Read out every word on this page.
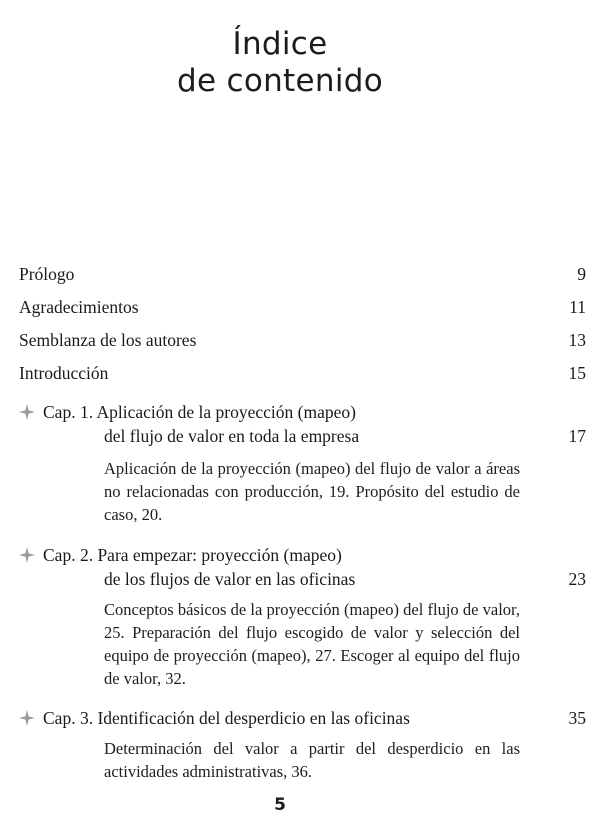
Índice
de contenido
Prólogo	9
Agradecimientos	11
Semblanza de los autores	13
Introducción	15
Cap. 1. Aplicación de la proyección (mapeo)
del flujo de valor en toda la empresa	17
Aplicación de la proyección (mapeo) del flujo de valor a áreas no relacionadas con producción, 19. Propósito del estudio de caso, 20.
Cap. 2. Para empezar: proyección (mapeo)
de los flujos de valor en las oficinas	23
Conceptos básicos de la proyección (mapeo) del flujo de valor, 25. Preparación del flujo escogido de valor y selección del equipo de proyección (mapeo), 27. Escoger al equipo del flujo de valor, 32.
Cap. 3. Identificación del desperdicio en las oficinas	35
Determinación del valor a partir del desperdicio en las actividades administrativas, 36.
5
